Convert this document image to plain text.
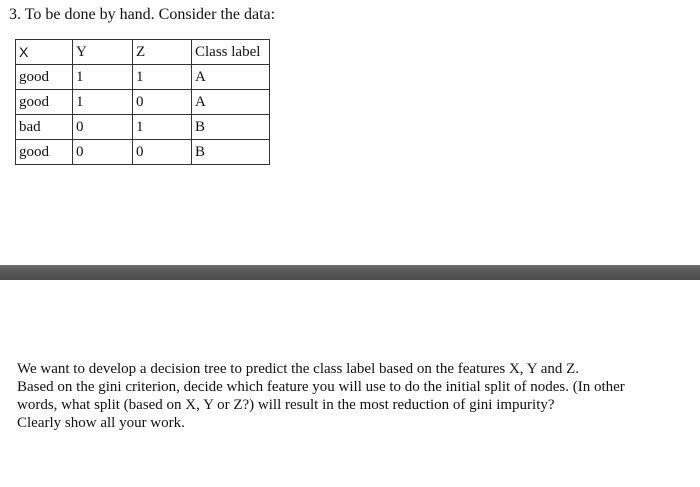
3. To be done by hand. Consider the data:

X	Y	Z	Class label
good	1	1	A
good	1	0	A
bad	0	1	B
good	0	0	B

We want to develop a decision tree to predict the class label based on the features X, Y and Z.
Based on the gini criterion, decide which feature you will use to do the initial split of nodes. (In other
words, what split (based on X, Y or Z?) will result in the most reduction of gini impurity?
Clearly show all your work.
